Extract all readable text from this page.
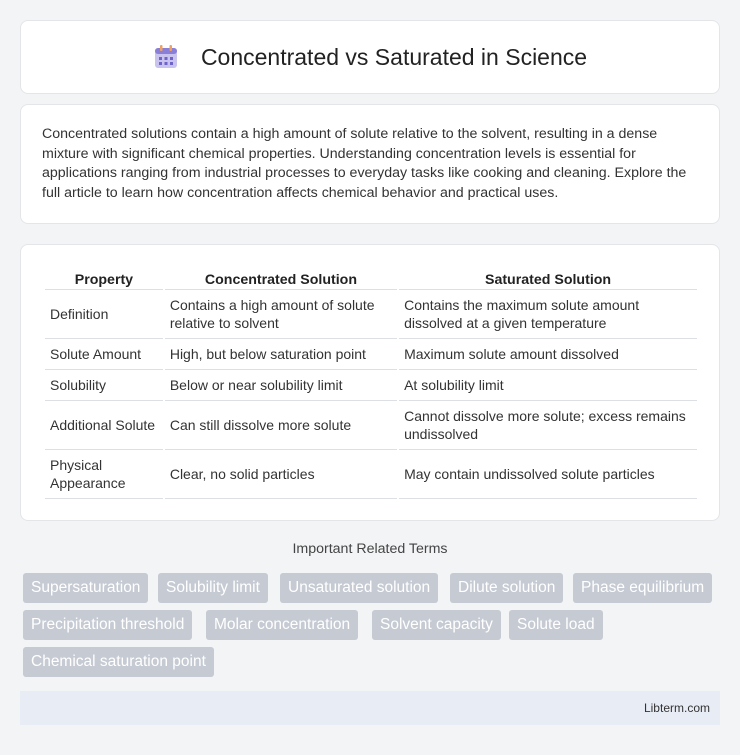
Concentrated vs Saturated in Science

Concentrated solutions contain a high amount of solute relative to the solvent, resulting in a dense mixture with significant chemical properties. Understanding concentration levels is essential for applications ranging from industrial processes to everyday tasks like cooking and cleaning. Explore the full article to learn how concentration affects chemical behavior and practical uses.

Property	Concentrated Solution	Saturated Solution
Definition	Contains a high amount of solute relative to solvent	Contains the maximum solute amount dissolved at a given temperature
Solute Amount	High, but below saturation point	Maximum solute amount dissolved
Solubility	Below or near solubility limit	At solubility limit
Additional Solute	Can still dissolve more solute	Cannot dissolve more solute; excess remains undissolved
Physical Appearance	Clear, no solid particles	May contain undissolved solute particles
Important Related Terms
Supersaturation	Solubility limit	Unsaturated solution	Dilute solution	Phase equilibrium
Precipitation threshold	Molar concentration	Solvent capacity	Solute load
Chemical saturation point
Libterm.com
